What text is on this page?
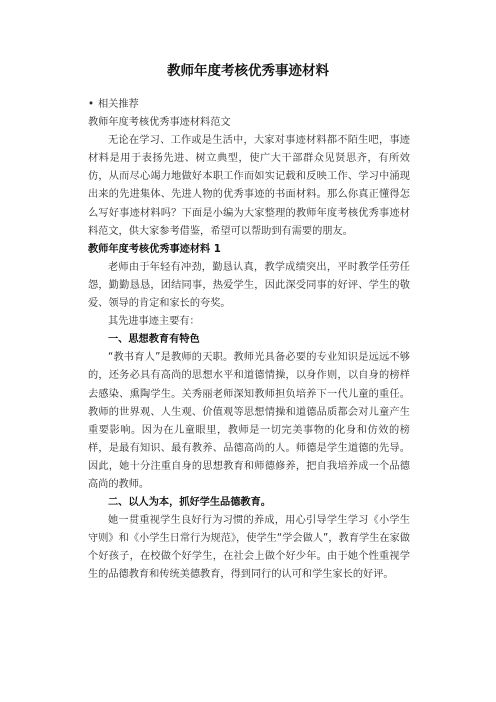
教师年度考核优秀事迹材料

• 相关推荐

教师年度考核优秀事迹材料范文

无论在学习、工作或是生活中，大家对事迹材料都不陌生吧，事迹材料是用于表扬先进、树立典型，使广大干部群众见贤思齐，有所效仿，从而尽心竭力地做好本职工作而如实记载和反映工作、学习中涌现出来的先进集体、先进人物的优秀事迹的书面材料。那么你真正懂得怎么写好事迹材料吗？下面是小编为大家整理的教师年度考核优秀事迹材料范文，供大家参考借鉴，希望可以帮助到有需要的朋友。

教师年度考核优秀事迹材料 1

老师由于年轻有冲劲，勤恳认真，教学成绩突出，平时教学任劳任怨，勤勤恳恳，团结同事，热爱学生，因此深受同事的好评、学生的敬爱、领导的肯定和家长的夸奖。

其先进事迹主要有：

一、思想教育有特色

“教书育人”是教师的天职。教师光具备必要的专业知识是远远不够的，还务必具有高尚的思想水平和道德情操，以身作则，以自身的榜样去感染、熏陶学生。关秀丽老师深知教师担负培养下一代儿童的重任。教师的世界观、人生观、价值观等思想情操和道德品质都会对儿童产生重要影响。因为在儿童眼里，教师是一切完美事物的化身和仿效的榜样，是最有知识、最有教养、品德高尚的人。师德是学生道德的先导。因此，她十分注重自身的思想教育和师德修养，把自我培养成一个品德高尚的教师。

二、以人为本，抓好学生品德教育。

她一贯重视学生良好行为习惯的养成，用心引导学生学习《小学生守则》和《小学生日常行为规范》，使学生“学会做人”，教育学生在家做个好孩子，在校做个好学生，在社会上做个好少年。由于她个性重视学生的品德教育和传统美德教育，得到同行的认可和学生家长的好评。
